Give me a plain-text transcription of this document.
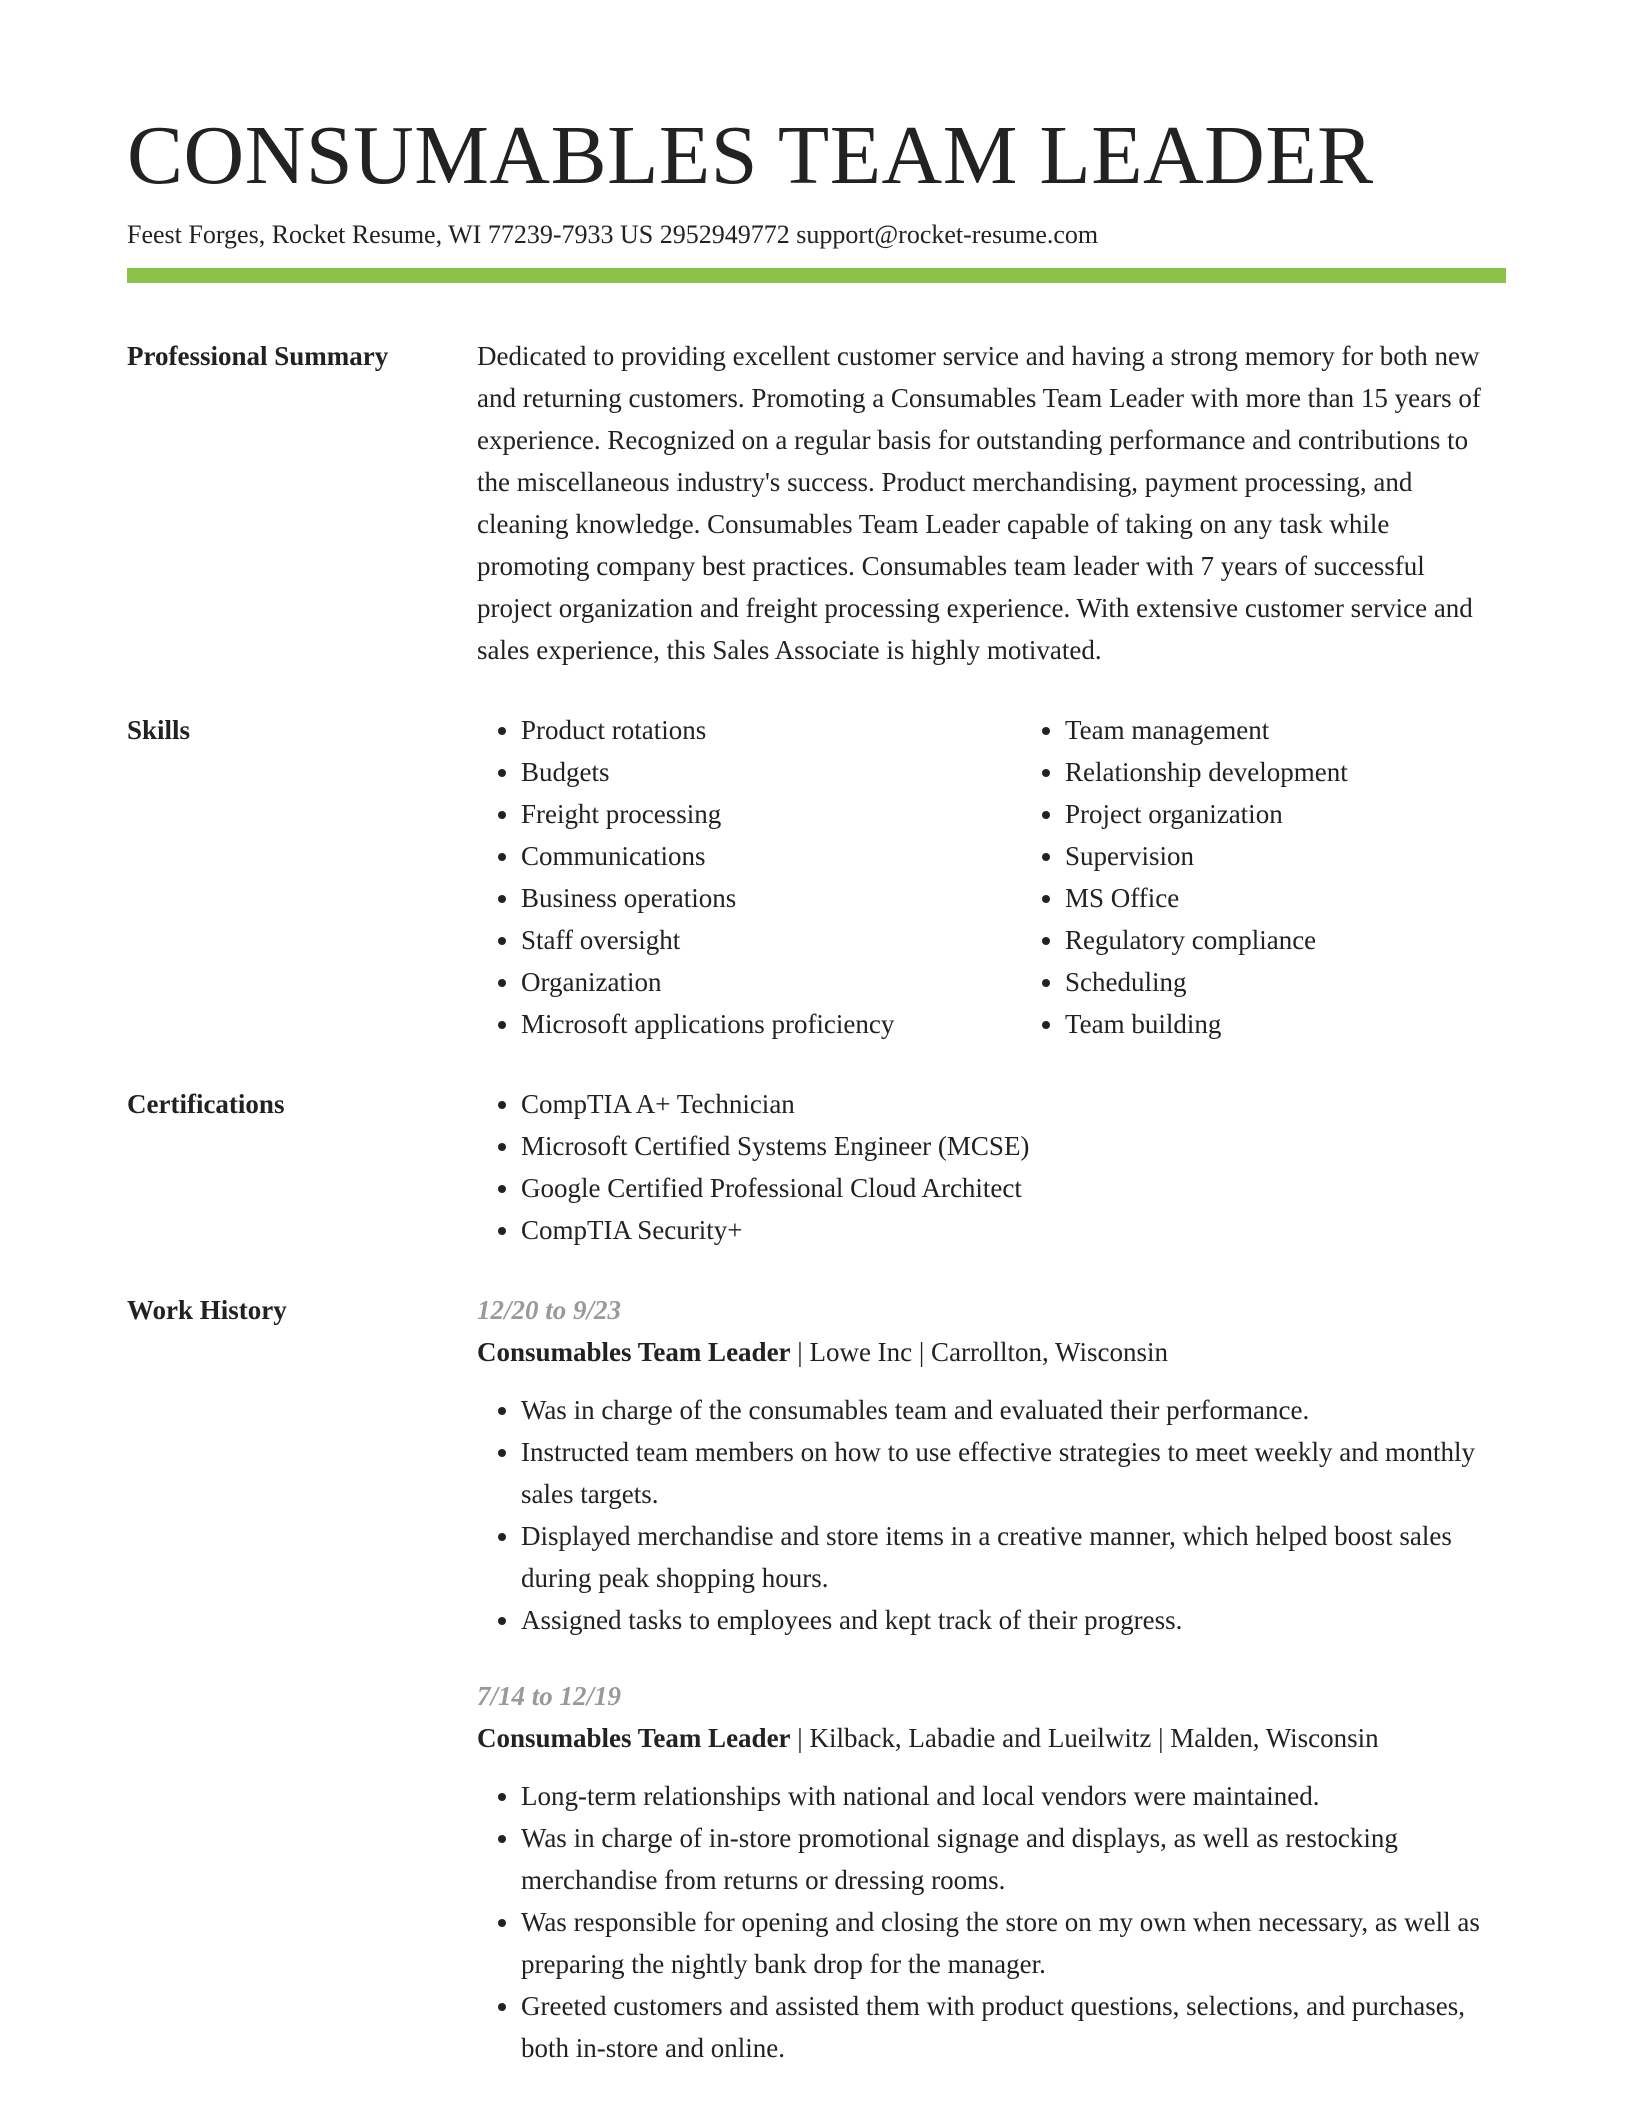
CONSUMABLES TEAM LEADER
Feest Forges, Rocket Resume, WI 77239-7933 US 2952949772 support@rocket-resume.com
Professional Summary	Dedicated to providing excellent customer service and having a strong memory for both new and returning customers. Promoting a Consumables Team Leader with more than 15 years of experience. Recognized on a regular basis for outstanding performance and contributions to the miscellaneous industry's success. Product merchandising, payment processing, and cleaning knowledge. Consumables Team Leader capable of taking on any task while promoting company best practices. Consumables team leader with 7 years of successful project organization and freight processing experience. With extensive customer service and sales experience, this Sales Associate is highly motivated.

Skills	• Product rotations
• Budgets
• Freight processing
• Communications
• Business operations
• Staff oversight
• Organization
• Microsoft applications proficiency
• Team management
• Relationship development
• Project organization
• Supervision
• MS Office
• Regulatory compliance
• Scheduling
• Team building
Certifications	• CompTIA A+ Technician
• Microsoft Certified Systems Engineer (MCSE)
• Google Certified Professional Cloud Architect
• CompTIA Security+
Work History	12/20 to 9/23
Consumables Team Leader | Lowe Inc | Carrollton, Wisconsin
• Was in charge of the consumables team and evaluated their performance.
• Instructed team members on how to use effective strategies to meet weekly and monthly sales targets.
• Displayed merchandise and store items in a creative manner, which helped boost sales during peak shopping hours.
• Assigned tasks to employees and kept track of their progress.
7/14 to 12/19
Consumables Team Leader | Kilback, Labadie and Lueilwitz | Malden, Wisconsin
• Long-term relationships with national and local vendors were maintained.
• Was in charge of in-store promotional signage and displays, as well as restocking merchandise from returns or dressing rooms.
• Was responsible for opening and closing the store on my own when necessary, as well as preparing the nightly bank drop for the manager.
• Greeted customers and assisted them with product questions, selections, and purchases, both in-store and online.
